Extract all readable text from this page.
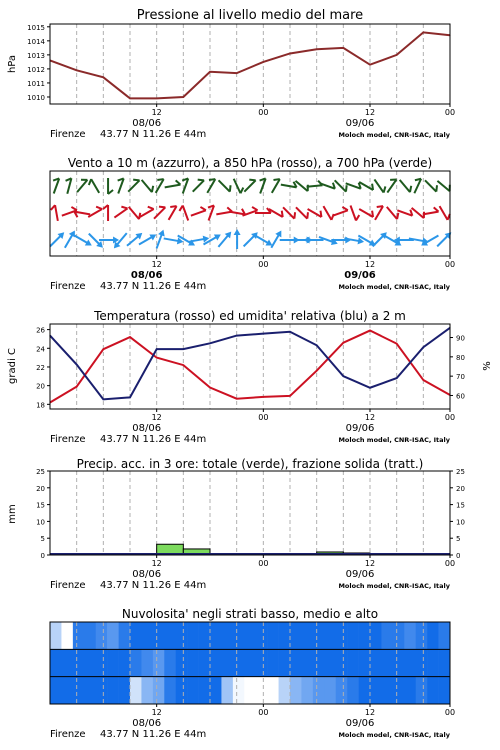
Pressione al livello medio del mare
1010
1011
1012
1013
1014
1015
hPa
12	00	12	00
08/06	09/06
Firenze 43.77 N 11.26 E 44m	Moloch model, CNR-ISAC, Italy
Vento a 10 m (azzurro), a 850 hPa (rosso), a 700 hPa (verde)
12	00	12	00
08/06	09/06
Firenze 43.77 N 11.26 E 44m	Moloch model, CNR-ISAC, Italy
Temperatura (rosso) ed umidita' relativa (blu) a 2 m
18
20
22
24
26
60
70
80
90
gradi C	%
12	00	12	00
08/06	09/06
Firenze 43.77 N 11.26 E 44m	Moloch model, CNR-ISAC, Italy
Precip. acc. in 3 ore: totale (verde), frazione solida (tratt.)
0	0
5	5
10	10
15	15
20	20
25	25
mm
12	00	12	00
08/06	09/06
Firenze 43.77 N 11.26 E 44m	Moloch model, CNR-ISAC, Italy
Nuvolosita' negli strati basso, medio e alto
12	00	12	00
08/06	09/06
Firenze 43.77 N 11.26 E 44m	Moloch model, CNR-ISAC, Italy
